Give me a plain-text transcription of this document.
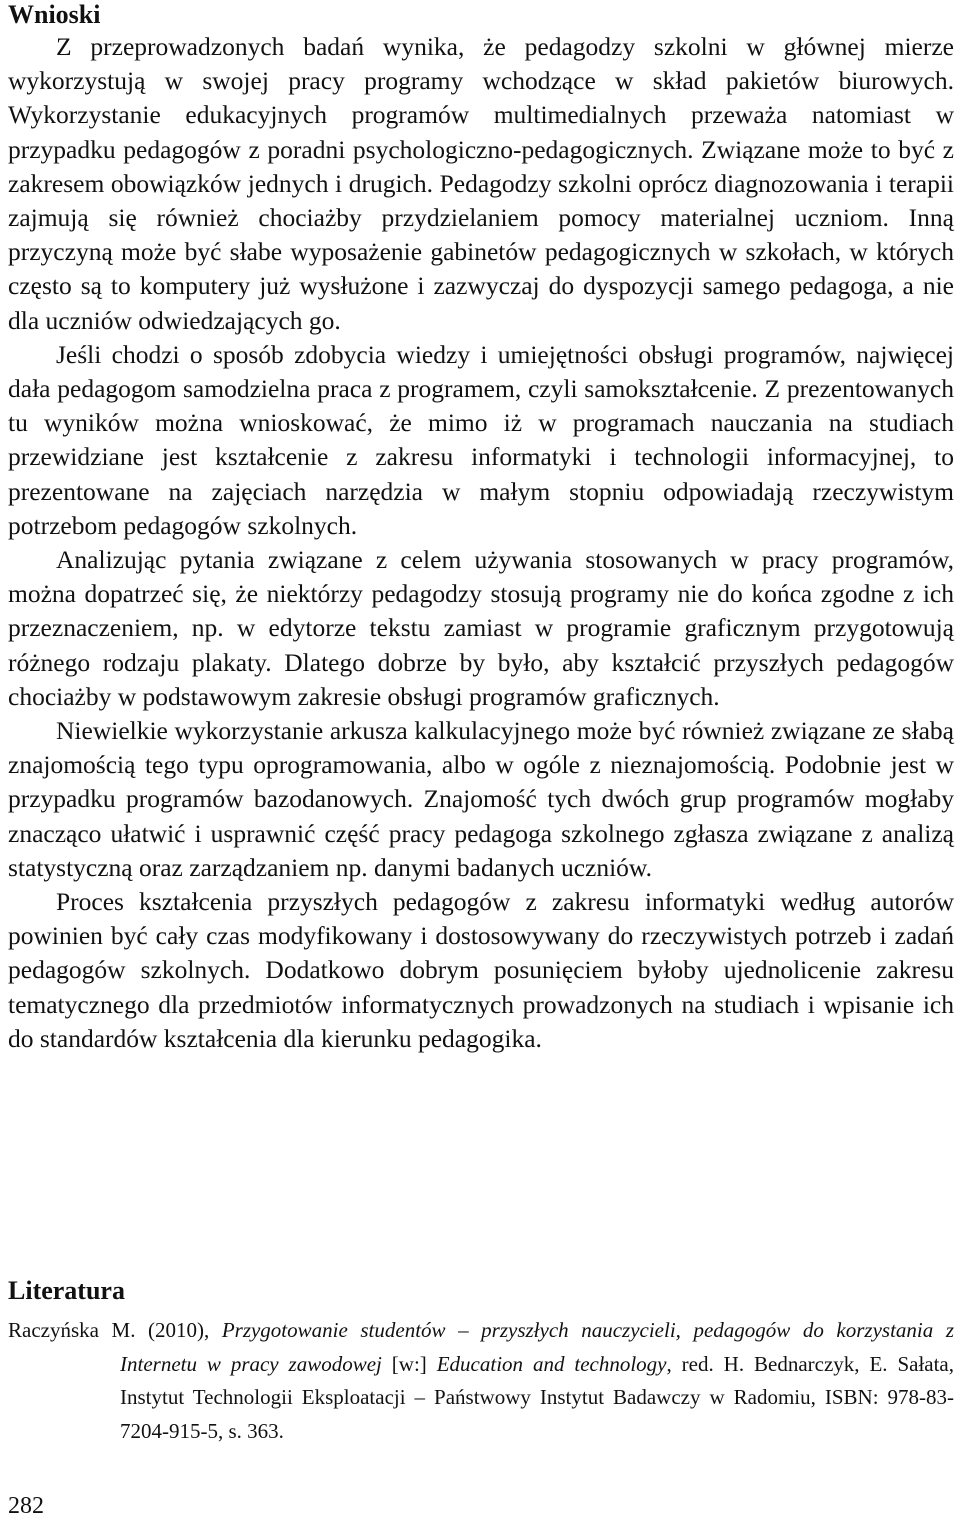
Wnioski

Z przeprowadzonych badań wynika, że pedagodzy szkolni w głównej mierze wykorzystują w swojej pracy programy wchodzące w skład pakietów biurowych. Wykorzystanie edukacyjnych programów multimedialnych przeważa natomiast w przypadku pedagogów z poradni psychologiczno-pedagogicznych. Związane może to być z zakresem obowiązków jednych i drugich. Pedagodzy szkolni oprócz diagnozowania i terapii zajmują się również chociażby przydzielaniem pomocy materialnej uczniom. Inną przyczyną może być słabe wyposażenie gabinetów pedagogicznych w szkołach, w których często są to komputery już wysłużone i zazwyczaj do dyspozycji samego pedagoga, a nie dla uczniów odwiedzających go.

Jeśli chodzi o sposób zdobycia wiedzy i umiejętności obsługi programów, najwięcej dała pedagogom samodzielna praca z programem, czyli samokształcenie. Z prezentowanych tu wyników można wnioskować, że mimo iż w programach nauczania na studiach przewidziane jest kształcenie z zakresu informatyki i technologii informacyjnej, to prezentowane na zajęciach narzędzia w małym stopniu odpowiadają rzeczywistym potrzebom pedagogów szkolnych.

Analizując pytania związane z celem używania stosowanych w pracy programów, można dopatrzeć się, że niektórzy pedagodzy stosują programy nie do końca zgodne z ich przeznaczeniem, np. w edytorze tekstu zamiast w programie graficznym przygotowują różnego rodzaju plakaty. Dlatego dobrze by było, aby kształcić przyszłych pedagogów chociażby w podstawowym zakresie obsługi programów graficznych.

Niewielkie wykorzystanie arkusza kalkulacyjnego może być również związane ze słabą znajomością tego typu oprogramowania, albo w ogóle z nieznajomością. Podobnie jest w przypadku programów bazodanowych. Znajomość tych dwóch grup programów mogłaby znacząco ułatwić i usprawnić część pracy pedagoga szkolnego zgłasza związane z analizą statystyczną oraz zarządzaniem np. danymi badanych uczniów.

Proces kształcenia przyszłych pedagogów z zakresu informatyki według autorów powinien być cały czas modyfikowany i dostosowywany do rzeczywistych potrzeb i zadań pedagogów szkolnych. Dodatkowo dobrym posunięciem byłoby ujednolicenie zakresu tematycznego dla przedmiotów informatycznych prowadzonych na studiach i wpisanie ich do standardów kształcenia dla kierunku pedagogika.

Literatura
Raczyńska M. (2010), Przygotowanie studentów – przyszłych nauczycieli, pedagogów do korzystania z Internetu w pracy zawodowej [w:] Education and technology, red. H. Bednarczyk, E. Sałata, Instytut Technologii Eksploatacji – Państwowy Instytut Badawczy w Radomiu, ISBN: 978-83-7204-915-5, s. 363.
282
